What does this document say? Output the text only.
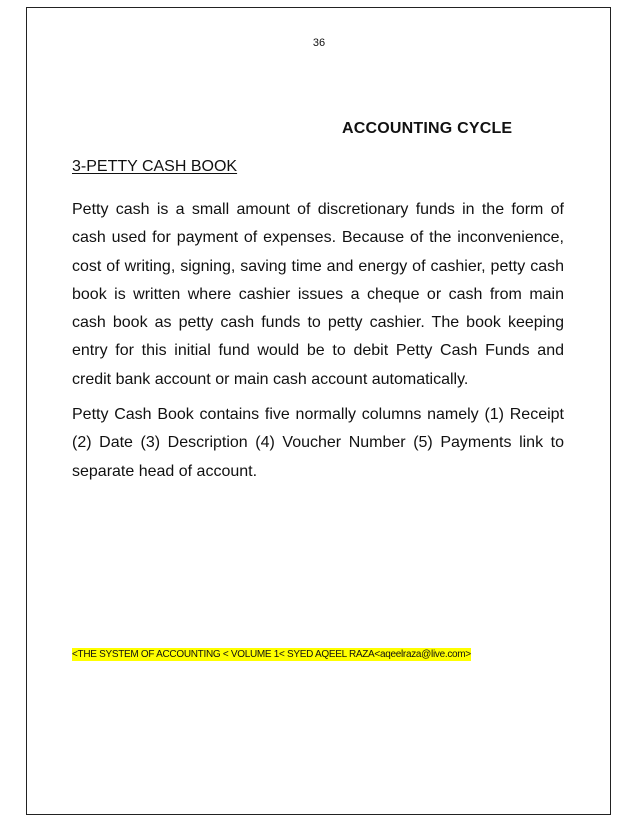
36
ACCOUNTING CYCLE
3-PETTY CASH BOOK

Petty cash is a small amount of discretionary funds in the form of cash used for payment of expenses. Because of the inconvenience, cost of writing, signing, saving time and energy of cashier, petty cash book is written where cashier issues a cheque or cash from main cash book as petty cash funds to petty cashier. The book keeping entry for this initial fund would be to debit Petty Cash Funds and credit bank account or main cash account automatically.

Petty Cash Book contains five normally columns namely (1) Receipt (2) Date (3) Description (4) Voucher Number (5) Payments link to separate head of account.

<THE SYSTEM OF ACCOUNTING < VOLUME 1< SYED AQEEL RAZA<aqeelraza@live.com>
